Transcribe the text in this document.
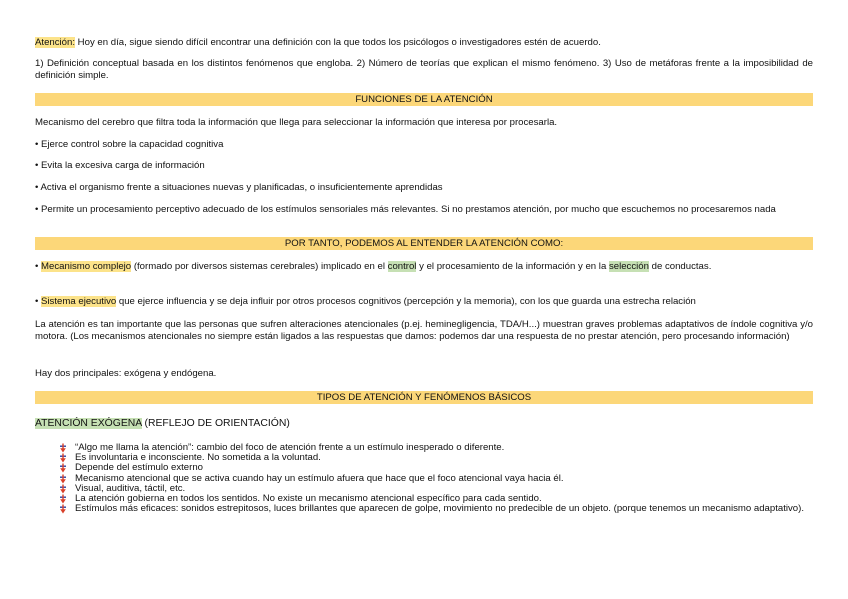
Atención: Hoy en día, sigue siendo difícil encontrar una definición con la que todos los psicólogos o investigadores estén de acuerdo.

1) Definición conceptual basada en los distintos fenómenos que engloba. 2) Número de teorías que explican el mismo fenómeno. 3) Uso de metáforas frente a la imposibilidad de definición simple.

FUNCIONES DE LA ATENCIÓN

Mecanismo del cerebro que filtra toda la información que llega para seleccionar la información que interesa por procesarla.

• Ejerce control sobre la capacidad cognitiva

• Evita la excesiva carga de información

• Activa el organismo frente a situaciones nuevas y planificadas, o insuficientemente aprendidas

• Permite un procesamiento perceptivo adecuado de los estímulos sensoriales más relevantes. Si no prestamos atención, por mucho que escuchemos no procesaremos nada

POR TANTO, PODEMOS AL ENTENDER LA ATENCIÓN COMO:

• Mecanismo complejo (formado por diversos sistemas cerebrales) implicado en el control y el procesamiento de la información y en la selección de conductas.

• Sistema ejecutivo que ejerce influencia y se deja influir por otros procesos cognitivos (percepción y la memoria), con los que guarda una estrecha relación

La atención es tan importante que las personas que sufren alteraciones atencionales (p.ej. heminegligencia, TDA/H...) muestran graves problemas adaptativos de índole cognitiva y/o motora. (Los mecanismos atencionales no siempre están ligados a las respuestas que damos: podemos dar una respuesta de no prestar atención, pero procesando información)

Hay dos principales: exógena y endógena.

TIPOS DE ATENCIÓN Y FENÓMENOS BÁSICOS

ATENCIÓN EXÓGENA (REFLEJO DE ORIENTACIÓN)

“Algo me llama la atención”: cambio del foco de atención frente a un estímulo inesperado o diferente.
Es involuntaria e inconsciente. No sometida a la voluntad.
Depende del estímulo externo
Mecanismo atencional que se activa cuando hay un estímulo afuera que hace que el foco atencional vaya hacia él.
Visual, auditiva, táctil, etc.
La atención gobierna en todos los sentidos. No existe un mecanismo atencional específico para cada sentido.
Estímulos más eficaces: sonidos estrepitosos, luces brillantes que aparecen de golpe, movimiento no predecible de un objeto. (porque tenemos un mecanismo adaptativo).
